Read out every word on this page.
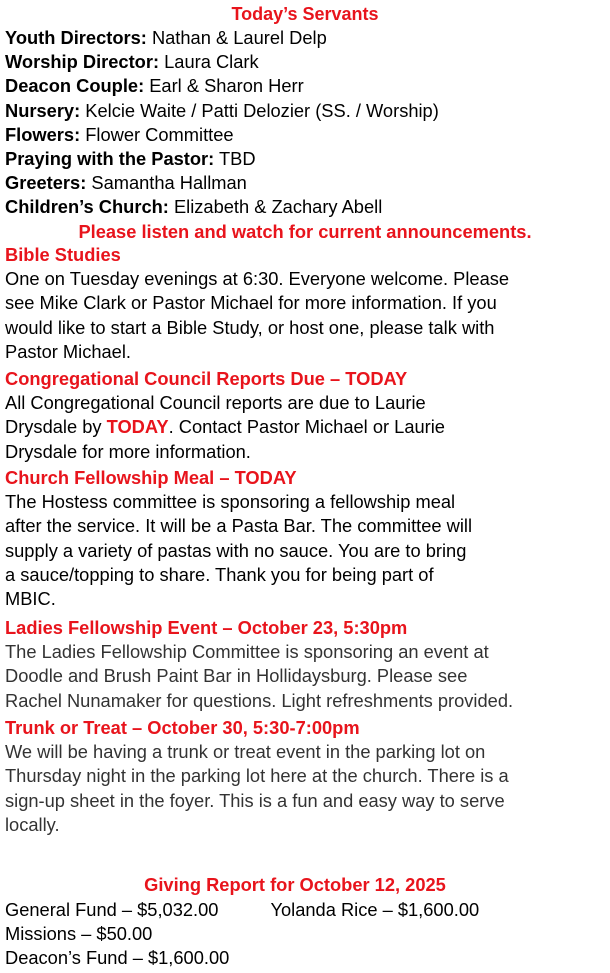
Today’s Servants
Youth Directors: Nathan & Laurel Delp
Worship Director: Laura Clark
Deacon Couple: Earl & Sharon Herr
Nursery: Kelcie Waite / Patti Delozier (SS. / Worship)
Flowers: Flower Committee
Praying with the Pastor: TBD
Greeters: Samantha Hallman
Children’s Church: Elizabeth & Zachary Abell
Please listen and watch for current announcements.
Bible Studies
One on Tuesday evenings at 6:30. Everyone welcome. Please
see Mike Clark or Pastor Michael for more information. If you
would like to start a Bible Study, or host one, please talk with
Pastor Michael.
Congregational Council Reports Due – TODAY
All Congregational Council reports are due to Laurie
Drysdale by TODAY. Contact Pastor Michael or Laurie
Drysdale for more information.
Church Fellowship Meal – TODAY
The Hostess committee is sponsoring a fellowship meal
after the service. It will be a Pasta Bar. The committee will
supply a variety of pastas with no sauce. You are to bring
a sauce/topping to share. Thank you for being part of
MBIC.
Ladies Fellowship Event – October 23, 5:30pm
The Ladies Fellowship Committee is sponsoring an event at
Doodle and Brush Paint Bar in Hollidaysburg. Please see
Rachel Nunamaker for questions. Light refreshments provided.
Trunk or Treat – October 30, 5:30-7:00pm
We will be having a trunk or treat event in the parking lot on
Thursday night in the parking lot here at the church. There is a
sign-up sheet in the foyer. This is a fun and easy way to serve
locally.
Giving Report for October 12, 2025
General Fund – $5,032.00	Yolanda Rice – $1,600.00
Missions – $50.00
Deacon’s Fund – $1,600.00
